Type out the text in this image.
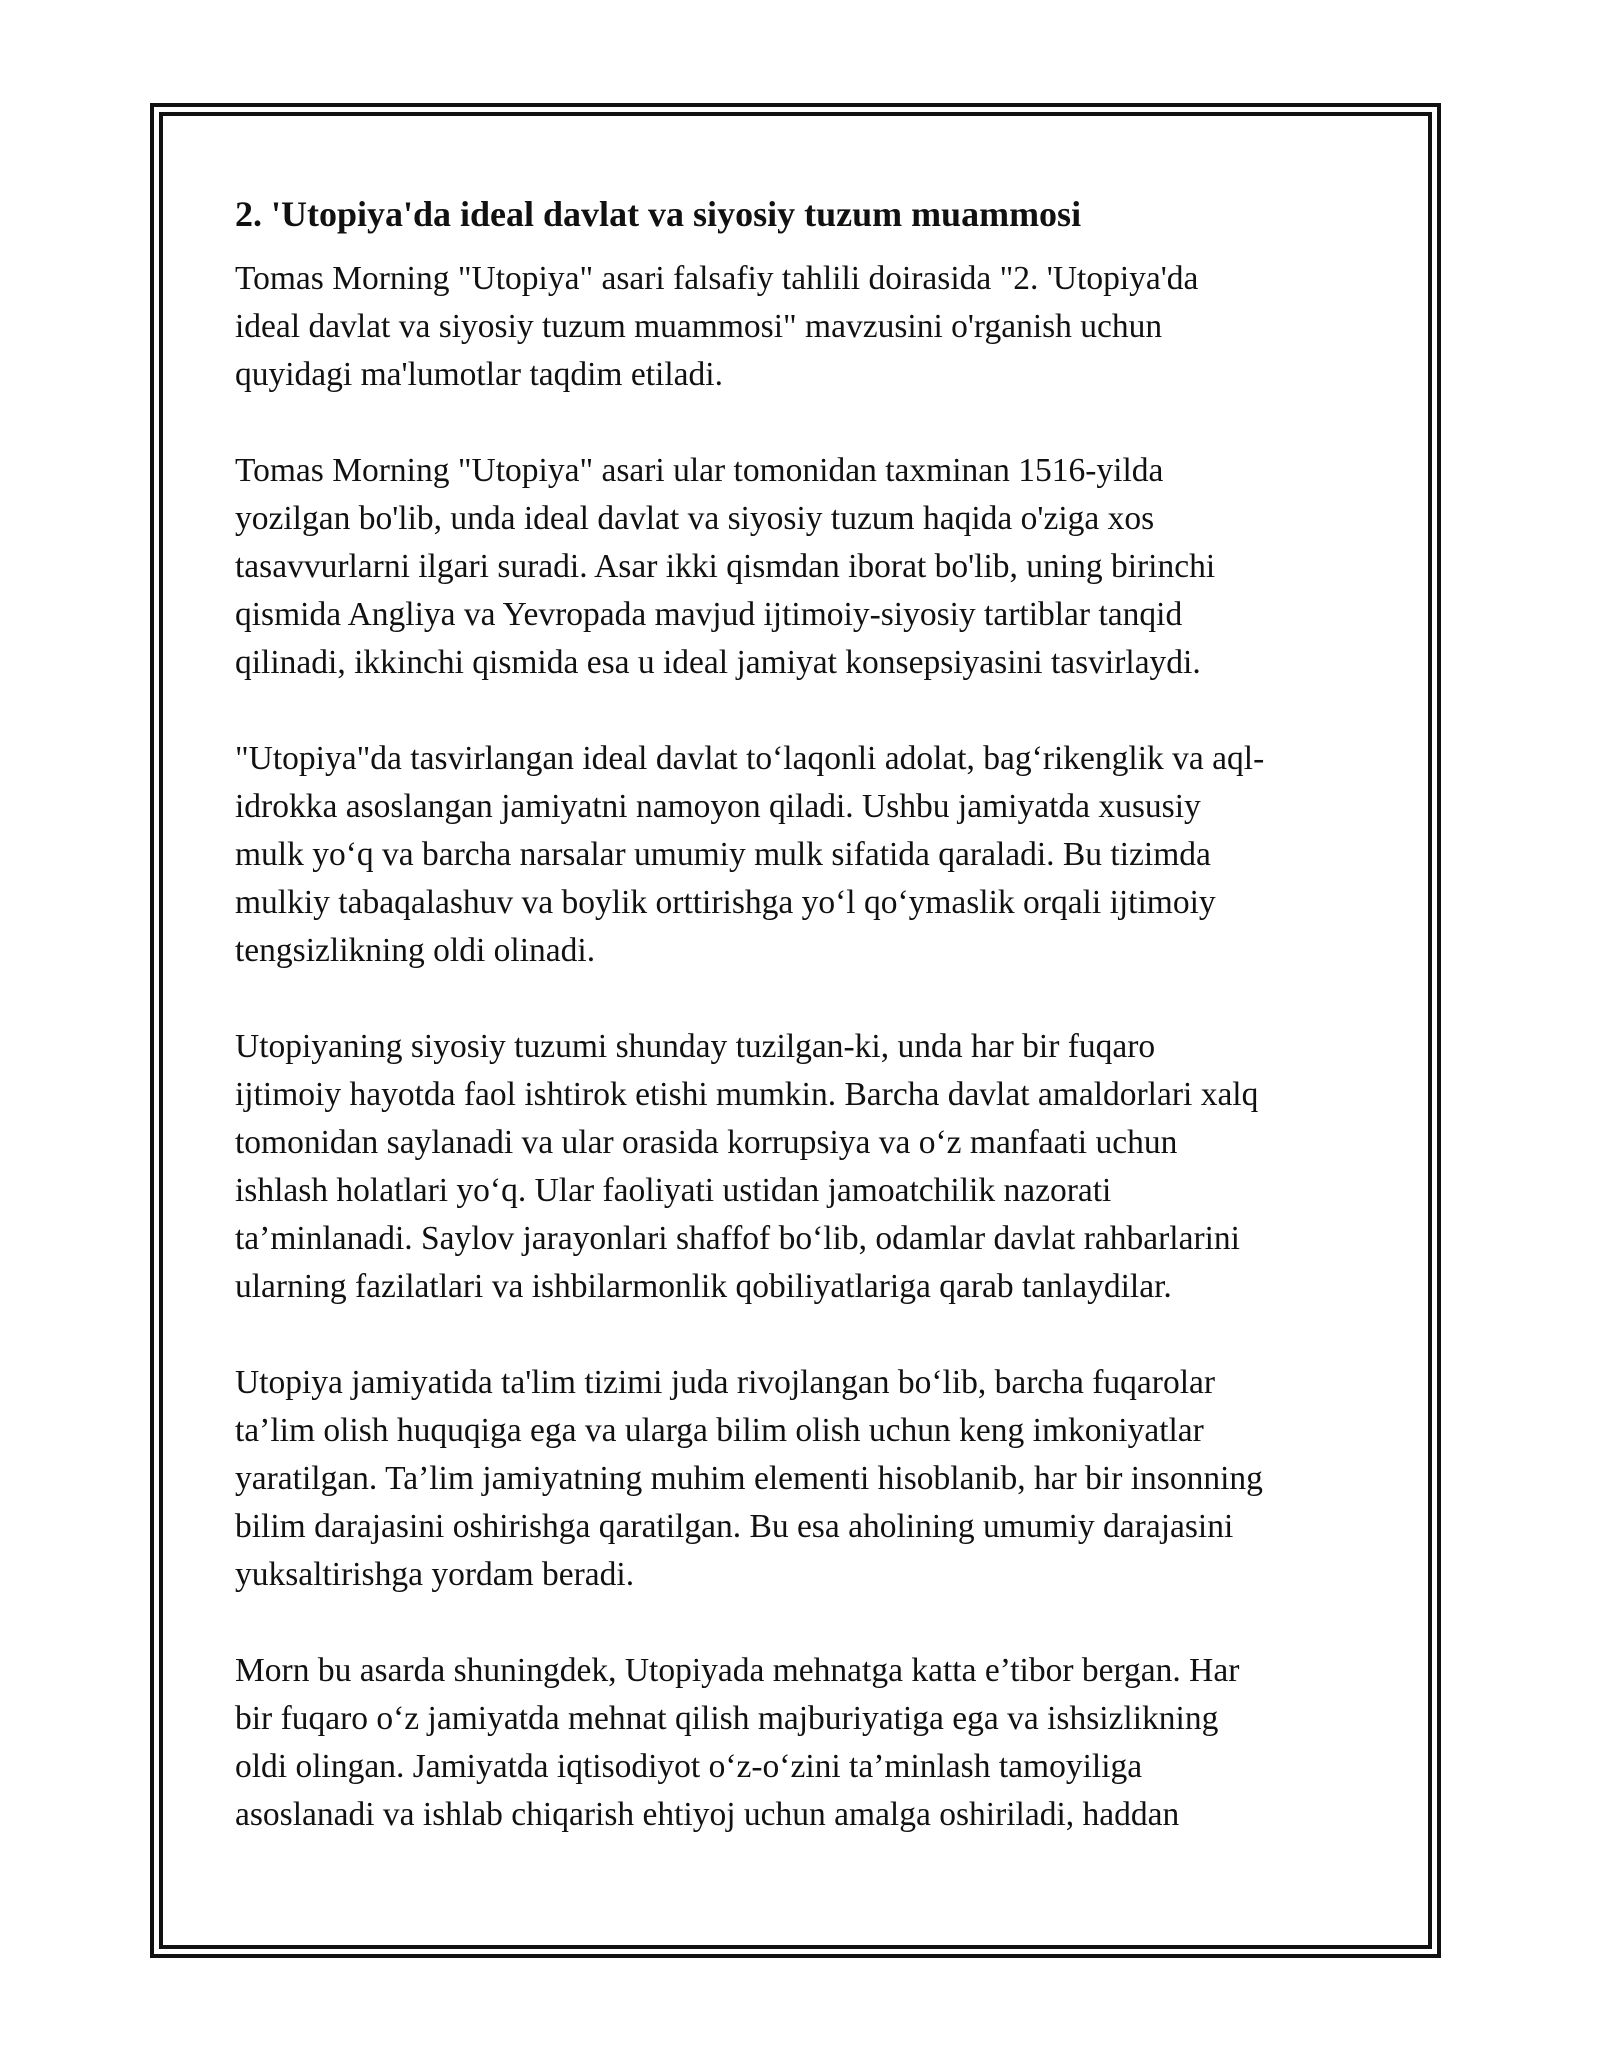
2. 'Utopiya'da ideal davlat va siyosiy tuzum muammosi

Tomas Morning "Utopiya" asari falsafiy tahlili doirasida "2. 'Utopiya'da
ideal davlat va siyosiy tuzum muammosi" mavzusini o'rganish uchun
quyidagi ma'lumotlar taqdim etiladi.

Tomas Morning "Utopiya" asari ular tomonidan taxminan 1516-yilda
yozilgan bo'lib, unda ideal davlat va siyosiy tuzum haqida o'ziga xos
tasavvurlarni ilgari suradi. Asar ikki qismdan iborat bo'lib, uning birinchi
qismida Angliya va Yevropada mavjud ijtimoiy-siyosiy tartiblar tanqid
qilinadi, ikkinchi qismida esa u ideal jamiyat konsepsiyasini tasvirlaydi.

"Utopiya"da tasvirlangan ideal davlat to‘laqonli adolat, bag‘rikenglik va aql-
idrokka asoslangan jamiyatni namoyon qiladi. Ushbu jamiyatda xususiy
mulk yo‘q va barcha narsalar umumiy mulk sifatida qaraladi. Bu tizimda
mulkiy tabaqalashuv va boylik orttirishga yo‘l qo‘ymaslik orqali ijtimoiy
tengsizlikning oldi olinadi.

Utopiyaning siyosiy tuzumi shunday tuzilgan-ki, unda har bir fuqaro
ijtimoiy hayotda faol ishtirok etishi mumkin. Barcha davlat amaldorlari xalq
tomonidan saylanadi va ular orasida korrupsiya va o‘z manfaati uchun
ishlash holatlari yo‘q. Ular faoliyati ustidan jamoatchilik nazorati
ta’minlanadi. Saylov jarayonlari shaffof bo‘lib, odamlar davlat rahbarlarini
ularning fazilatlari va ishbilarmonlik qobiliyatlariga qarab tanlaydilar.

Utopiya jamiyatida ta'lim tizimi juda rivojlangan bo‘lib, barcha fuqarolar
ta’lim olish huquqiga ega va ularga bilim olish uchun keng imkoniyatlar
yaratilgan. Ta’lim jamiyatning muhim elementi hisoblanib, har bir insonning
bilim darajasini oshirishga qaratilgan. Bu esa aholining umumiy darajasini
yuksaltirishga yordam beradi.

Morn bu asarda shuningdek, Utopiyada mehnatga katta e’tibor bergan. Har
bir fuqaro o‘z jamiyatda mehnat qilish majburiyatiga ega va ishsizlikning
oldi olingan. Jamiyatda iqtisodiyot o‘z-o‘zini ta’minlash tamoyiliga
asoslanadi va ishlab chiqarish ehtiyoj uchun amalga oshiriladi, haddan
